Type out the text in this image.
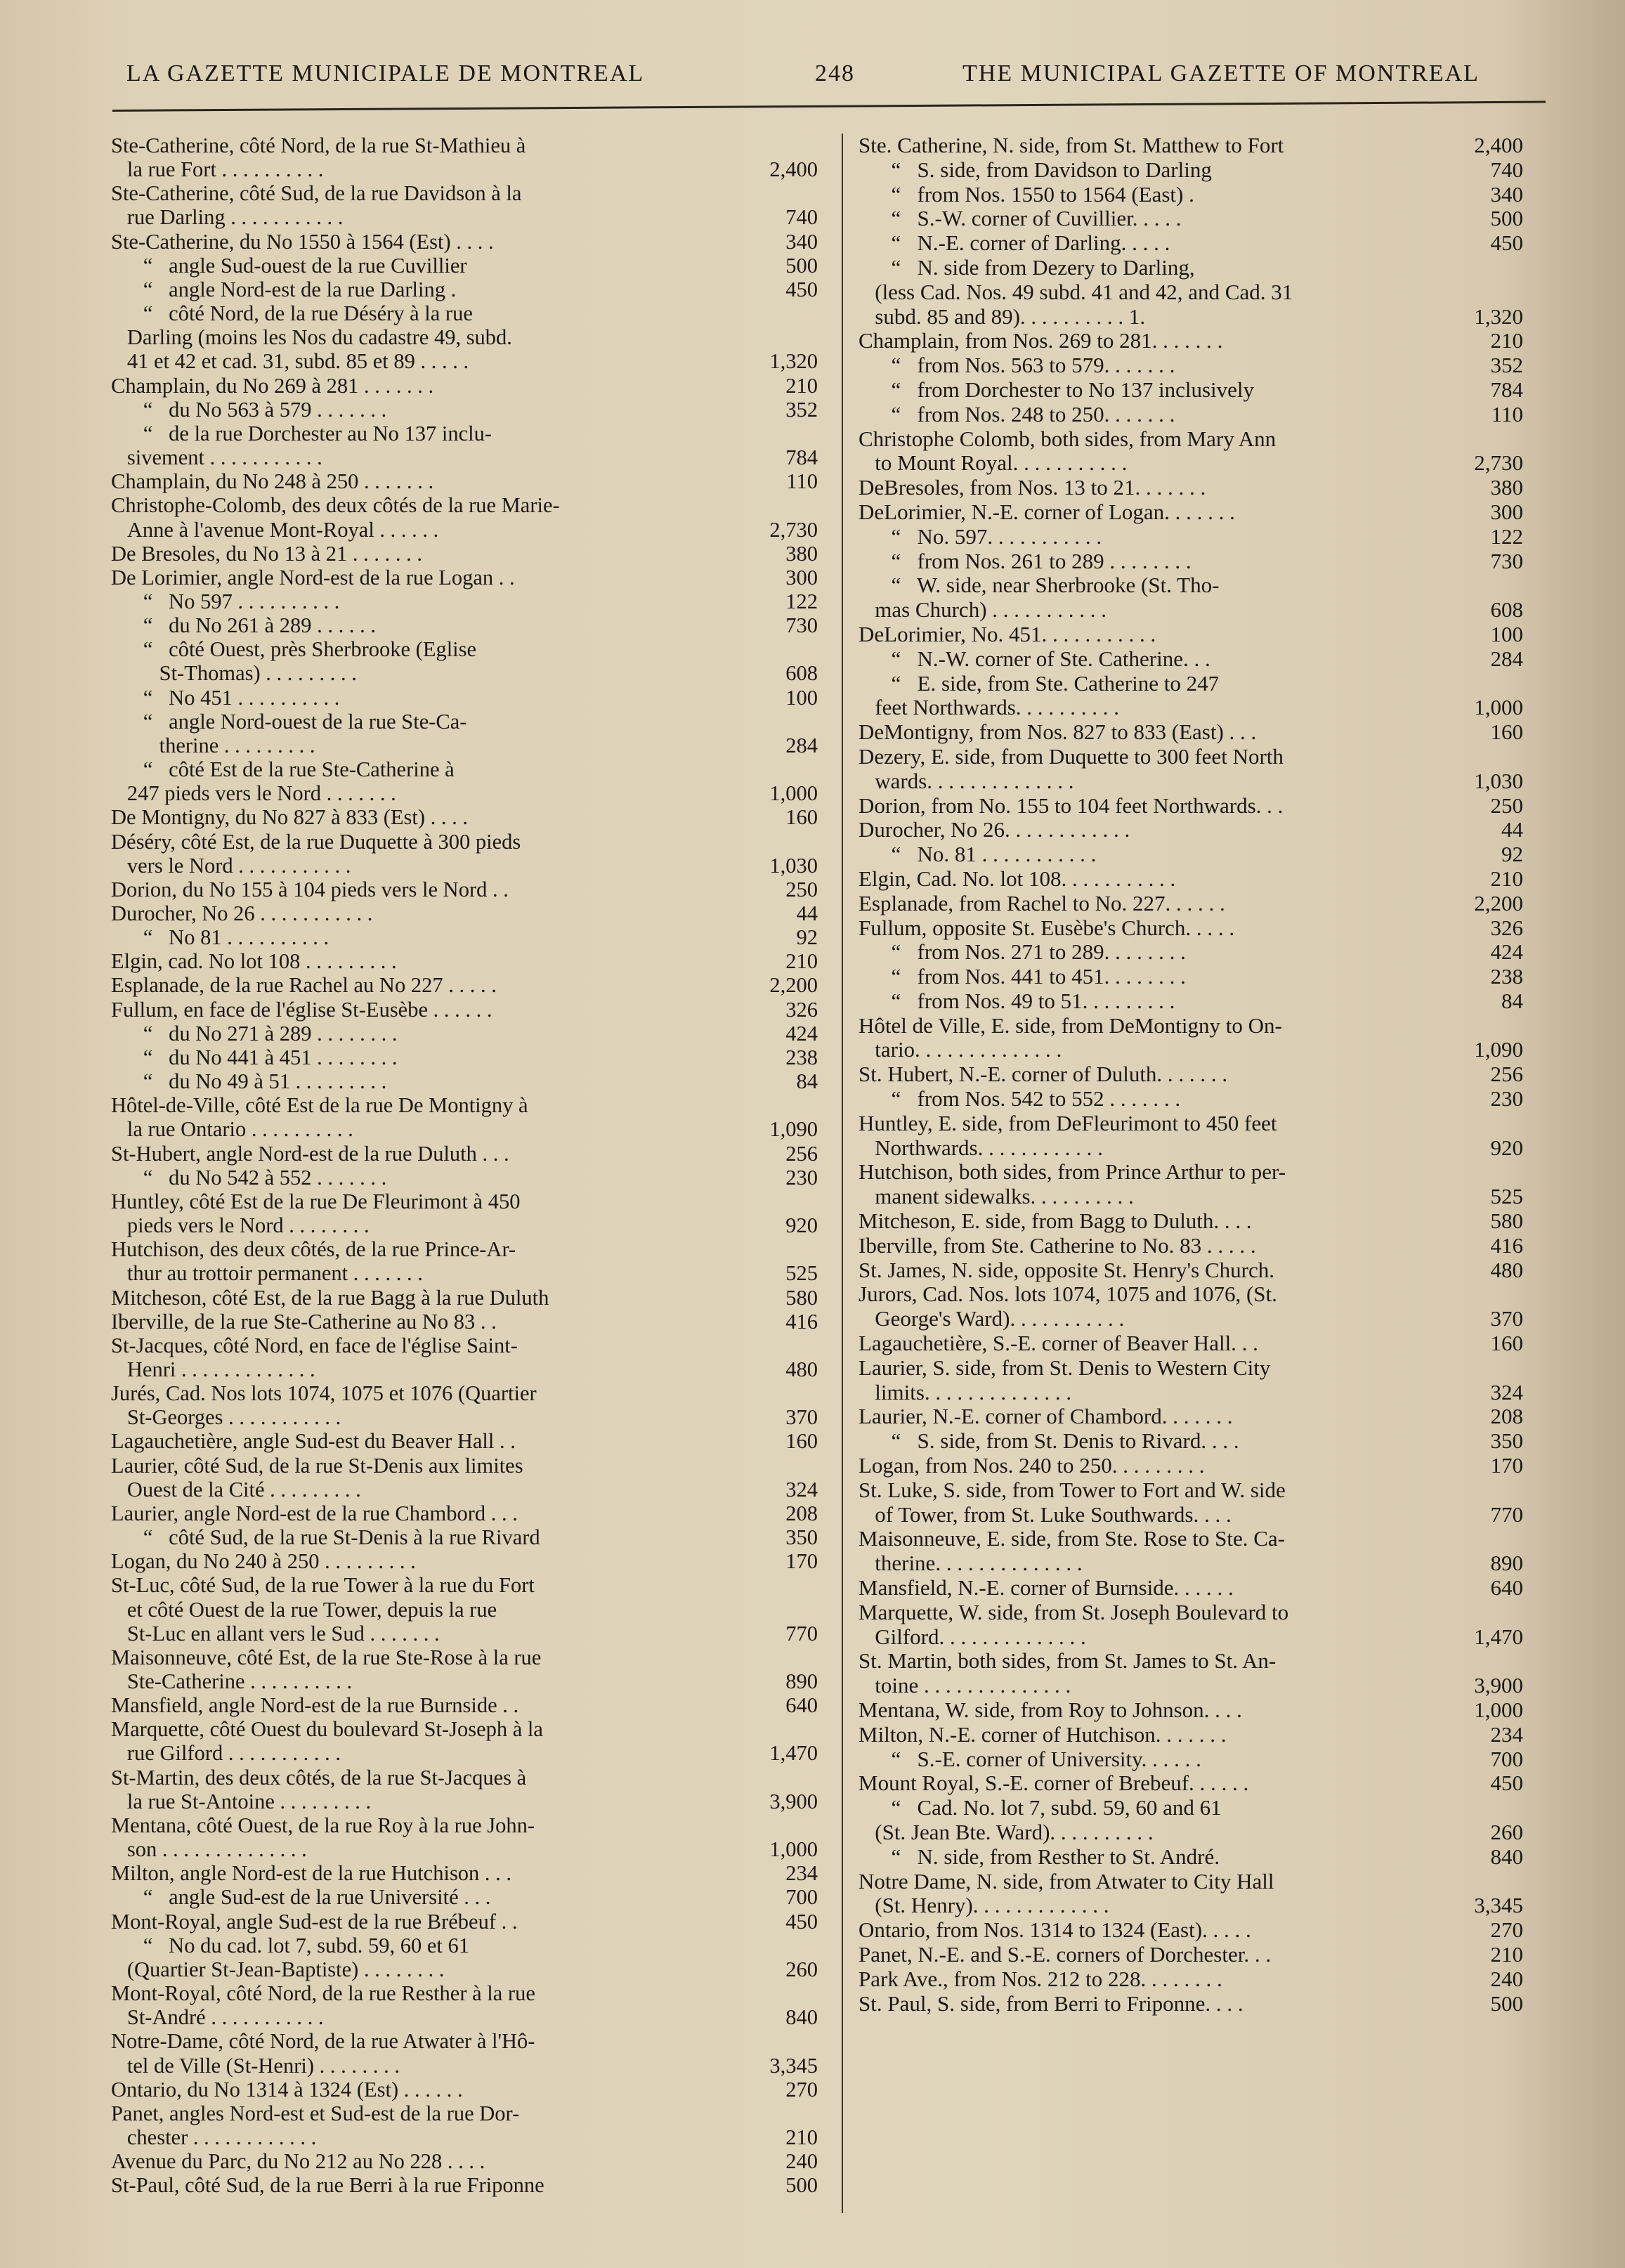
LA GAZETTE MUNICIPALE DE MONTREAL	248	THE MUNICIPAL GAZETTE OF MONTREAL
Ste-Catherine, côté Nord, de la rue St-Mathieu à
la rue Fort . . . . . . . . . .	2,400
Ste-Catherine, côté Sud, de la rue Davidson à la
rue Darling . . . . . . . . . . .	740
Ste-Catherine, du No 1550 à 1564 (Est) . . . .	340
“   angle Sud-ouest de la rue Cuvillier	500
“   angle Nord-est de la rue Darling .	450
“   côté Nord, de la rue Déséry à la rue
Darling (moins les Nos du cadastre 49, subd.
41 et 42 et cad. 31, subd. 85 et 89 . . . . .	1,320
Champlain, du No 269 à 281 . . . . . . .	210
“   du No 563 à 579 . . . . . . .	352
“   de la rue Dorchester au No 137 inclu-
sivement . . . . . . . . . . .	784
Champlain, du No 248 à 250 . . . . . . .	110
Christophe-Colomb, des deux côtés de la rue Marie-
Anne à l'avenue Mont-Royal . . . . . .	2,730
De Bresoles, du No 13 à 21 . . . . . . .	380
De Lorimier, angle Nord-est de la rue Logan . .	300
“   No 597 . . . . . . . . . .	122
“   du No 261 à 289 . . . . . .	730
“   côté Ouest, près Sherbrooke (Eglise
St-Thomas) . . . . . . . . .	608
“   No 451 . . . . . . . . . .	100
“   angle Nord-ouest de la rue Ste-Ca-
therine . . . . . . . . .	284
“   côté Est de la rue Ste-Catherine à
247 pieds vers le Nord . . . . . . .	1,000
De Montigny, du No 827 à 833 (Est) . . . .	160
Déséry, côté Est, de la rue Duquette à 300 pieds
vers le Nord . . . . . . . . . . .	1,030
Dorion, du No 155 à 104 pieds vers le Nord . .	250
Durocher, No 26 . . . . . . . . . . .	44
“   No 81 . . . . . . . . . .	92
Elgin, cad. No lot 108 . . . . . . . . .	210
Esplanade, de la rue Rachel au No 227 . . . . .	2,200
Fullum, en face de l'église St-Eusèbe . . . . . .	326
“   du No 271 à 289 . . . . . . . .	424
“   du No 441 à 451 . . . . . . . .	238
“   du No 49 à 51 . . . . . . . . .	84
Hôtel-de-Ville, côté Est de la rue De Montigny à
la rue Ontario . . . . . . . . . .	1,090
St-Hubert, angle Nord-est de la rue Duluth . . .	256
“   du No 542 à 552 . . . . . . .	230
Huntley, côté Est de la rue De Fleurimont à 450
pieds vers le Nord . . . . . . . .	920
Hutchison, des deux côtés, de la rue Prince-Ar-
thur au trottoir permanent . . . . . . .	525
Mitcheson, côté Est, de la rue Bagg à la rue Duluth	580
Iberville, de la rue Ste-Catherine au No 83 . .	416
St-Jacques, côté Nord, en face de l'église Saint-
Henri . . . . . . . . . . . . .	480
Jurés, Cad. Nos lots 1074, 1075 et 1076 (Quartier
St-Georges . . . . . . . . . . .	370
Lagauchetière, angle Sud-est du Beaver Hall . .	160
Laurier, côté Sud, de la rue St-Denis aux limites
Ouest de la Cité . . . . . . . . .	324
Laurier, angle Nord-est de la rue Chambord . . .	208
“   côté Sud, de la rue St-Denis à la rue Rivard	350
Logan, du No 240 à 250 . . . . . . . . .	170
St-Luc, côté Sud, de la rue Tower à la rue du Fort
et côté Ouest de la rue Tower, depuis la rue
St-Luc en allant vers le Sud . . . . . . .	770
Maisonneuve, côté Est, de la rue Ste-Rose à la rue
Ste-Catherine . . . . . . . . . .	890
Mansfield, angle Nord-est de la rue Burnside . .	640
Marquette, côté Ouest du boulevard St-Joseph à la
rue Gilford . . . . . . . . . . .	1,470
St-Martin, des deux côtés, de la rue St-Jacques à
la rue St-Antoine . . . . . . . . .	3,900
Mentana, côté Ouest, de la rue Roy à la rue John-
son . . . . . . . . . . . . . .	1,000
Milton, angle Nord-est de la rue Hutchison . . .	234
“   angle Sud-est de la rue Université . . .	700
Mont-Royal, angle Sud-est de la rue Brébeuf . .	450
“   No du cad. lot 7, subd. 59, 60 et 61
(Quartier St-Jean-Baptiste) . . . . . . . .	260
Mont-Royal, côté Nord, de la rue Resther à la rue
St-André . . . . . . . . . . .	840
Notre-Dame, côté Nord, de la rue Atwater à l'Hô-
tel de Ville (St-Henri) . . . . . . . .	3,345
Ontario, du No 1314 à 1324 (Est) . . . . . .	270
Panet, angles Nord-est et Sud-est de la rue Dor-
chester . . . . . . . . . . . .	210
Avenue du Parc, du No 212 au No 228 . . . .	240
St-Paul, côté Sud, de la rue Berri à la rue Friponne	500
Ste. Catherine, N. side, from St. Matthew to Fort	2,400
“   S. side, from Davidson to Darling	740
“   from Nos. 1550 to 1564 (East) .	340
“   S.-W. corner of Cuvillier. . . . .	500
“   N.-E. corner of Darling. . . . .	450
“   N. side from Dezery to Darling,
(less Cad. Nos. 49 subd. 41 and 42, and Cad. 31
subd. 85 and 89). . . . . . . . . . 1.	1,320
Champlain, from Nos. 269 to 281. . . . . . .	210
“   from Nos. 563 to 579. . . . . . .	352
“   from Dorchester to No 137 inclusively	784
“   from Nos. 248 to 250. . . . . . .	110
Christophe Colomb, both sides, from Mary Ann
to Mount Royal. . . . . . . . . . .	2,730
DeBresoles, from Nos. 13 to 21. . . . . . .	380
DeLorimier, N.-E. corner of Logan. . . . . . .	300
“   No. 597. . . . . . . . . . .	122
“   from Nos. 261 to 289 . . . . . . . .	730
“   W. side, near Sherbrooke (St. Tho-
mas Church) . . . . . . . . . . .	608
DeLorimier, No. 451. . . . . . . . . . .	100
“   N.-W. corner of Ste. Catherine. . .	284
“   E. side, from Ste. Catherine to 247
feet Northwards. . . . . . . . . .	1,000
DeMontigny, from Nos. 827 to 833 (East) . . .	160
Dezery, E. side, from Duquette to 300 feet North
wards. . . . . . . . . . . . . .	1,030
Dorion, from No. 155 to 104 feet Northwards. . .	250
Durocher, No 26. . . . . . . . . . . .	44
“   No. 81 . . . . . . . . . . .	92
Elgin, Cad. No. lot 108. . . . . . . . . . .	210
Esplanade, from Rachel to No. 227. . . . . .	2,200
Fullum, opposite St. Eusèbe's Church. . . . .	326
“   from Nos. 271 to 289. . . . . . . .	424
“   from Nos. 441 to 451. . . . . . . .	238
“   from Nos. 49 to 51. . . . . . . . .	84
Hôtel de Ville, E. side, from DeMontigny to On-
tario. . . . . . . . . . . . . .	1,090
St. Hubert, N.-E. corner of Duluth. . . . . . .	256
“   from Nos. 542 to 552 . . . . . . .	230
Huntley, E. side, from DeFleurimont to 450 feet
Northwards. . . . . . . . . . . .	920
Hutchison, both sides, from Prince Arthur to per-
manent sidewalks. . . . . . . . . .	525
Mitcheson, E. side, from Bagg to Duluth. . . .	580
Iberville, from Ste. Catherine to No. 83 . . . . .	416
St. James, N. side, opposite St. Henry's Church.	480
Jurors, Cad. Nos. lots 1074, 1075 and 1076, (St.
George's Ward). . . . . . . . . . .	370
Lagauchetière, S.-E. corner of Beaver Hall. . .	160
Laurier, S. side, from St. Denis to Western City
limits. . . . . . . . . . . . . .	324
Laurier, N.-E. corner of Chambord. . . . . . .	208
“   S. side, from St. Denis to Rivard. . . .	350
Logan, from Nos. 240 to 250. . . . . . . . .	170
St. Luke, S. side, from Tower to Fort and W. side
of Tower, from St. Luke Southwards. . . .	770
Maisonneuve, E. side, from Ste. Rose to Ste. Ca-
therine. . . . . . . . . . . . . .	890
Mansfield, N.-E. corner of Burnside. . . . . .	640
Marquette, W. side, from St. Joseph Boulevard to
Gilford. . . . . . . . . . . . . .	1,470
St. Martin, both sides, from St. James to St. An-
toine . . . . . . . . . . . . . .	3,900
Mentana, W. side, from Roy to Johnson. . . .	1,000
Milton, N.-E. corner of Hutchison. . . . . . .	234
“   S.-E. corner of University. . . . . .	700
Mount Royal, S.-E. corner of Brebeuf. . . . . .	450
“   Cad. No. lot 7, subd. 59, 60 and 61
(St. Jean Bte. Ward). . . . . . . . . .	260
“   N. side, from Resther to St. André.	840
Notre Dame, N. side, from Atwater to City Hall
(St. Henry). . . . . . . . . . . . .	3,345
Ontario, from Nos. 1314 to 1324 (East). . . . .	270
Panet, N.-E. and S.-E. corners of Dorchester. . .	210
Park Ave., from Nos. 212 to 228. . . . . . . .	240
St. Paul, S. side, from Berri to Friponne. . . .	500
